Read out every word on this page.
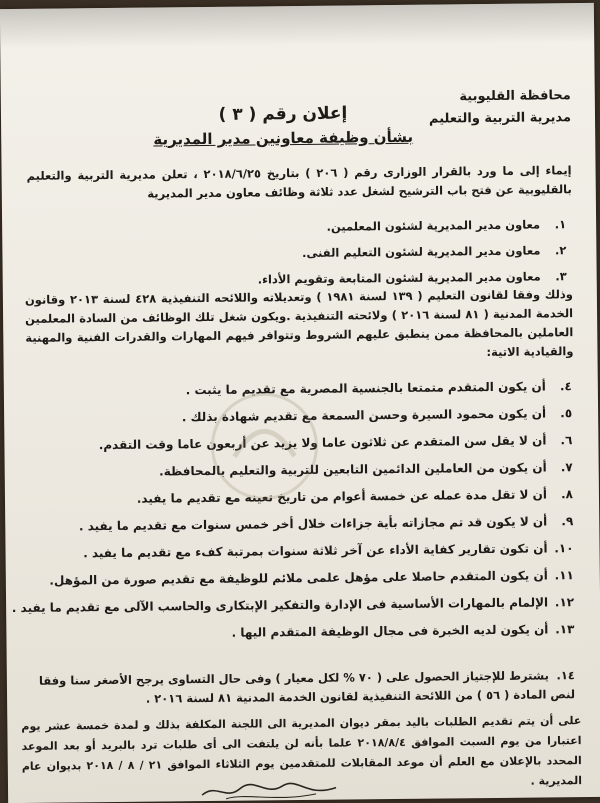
محافظة القليوبية
مديرية التربية والتعليم
إعلان رقم ( ٣ )
بشأن وظيفة معاونين مدير المديرية
إيماء إلى ما ورد بالقرار الوزارى رقم ( ٢٠٦ ) بتاريخ ٢٠١٨/٦/٢٥ ، تعلن مديرية التربية والتعليم بالقليوبية عن فتح باب الترشيح لشغل عدد ثلاثة وظائف معاون مدير المديرية
١. معاون مدير المديرية لشئون المعلمين.
٢. معاون مدير المديرية لشئون التعليم الفنى.
٣. معاون مدير المديرية لشئون المتابعة وتقويم الأداء.
وذلك وفقا لقانون التعليم ( ١٣٩ لسنة ١٩٨١ ) وتعديلاته واللائحه التنفيذية ٤٢٨ لسنة ٢٠١٣ وقانون الخدمة المدنية ( ٨١ لسنة ٢٠١٦ ) ولائحته التنفيذية .ويكون شغل تلك الوظائف من السادة المعلمين العاملين بالمحافظة ممن ينطبق عليهم الشروط وتتوافر فيهم المهارات والقدرات الفنية والمهنية والقيادية الاتية:
٤.أن يكون المتقدم متمتعا بالجنسية المصرية مع تقديم ما يثبت .
٥.أن يكون محمود السيرة وحسن السمعة مع تقديم شهادة بذلك .
٦.أن لا يقل سن المتقدم عن ثلاثون عاما ولا يزيد عن أربعون عاما وقت التقدم.
٧.أن يكون من العاملين الدائمين التابعين للتربية والتعليم بالمحافظة.
٨.أن لا تقل مدة عمله عن خمسة أعوام من تاريخ تعينه مع تقديم ما يفيد.
٩.أن لا يكون قد تم مجازاته بأية جزاءات خلال أخر خمس سنوات مع تقديم ما يفيد .
١٠.أن تكون تقارير كفاية الأداء عن آخر ثلاثة سنوات بمرتبة كفء مع تقديم ما يفيد .
١١.أن يكون المتقدم حاصلا على مؤهل علمى ملائم للوظيفة مع تقديم صورة من المؤهل.
١٢.الإلمام بالمهارات الأساسية فى الإدارة والتفكير الإبتكارى والحاسب الآلى مع تقديم ما يفيد .
١٣.أن يكون لديه الخبرة فى مجال الوظيفة المتقدم اليها .
١٤.يشترط للإجتياز الحصول على ( ٧٠ % لكل معيار ) وفى حال التساوى يرجح الأصغر سنا وفقا لنص المادة ( ٥٦ ) من اللائحة التنفيذية لقانون الخدمة المدنية ٨١ لسنة ٢٠١٦ .
على أن يتم تقديم الطلبات باليد بمقر ديوان المديرية الى اللجنة المكلفة بذلك و لمدة خمسة عشر يوم اعتبارا من يوم السبت الموافق ٢٠١٨/٨/٤ علما بأنه لن يلتفت الى أى طلبات ترد بالبريد أو بعد الموعد المحدد بالإعلان مع العلم أن موعد المقابلات للمتقدمين يوم الثلاثاء الموافق ٢١ / ٨ / ٢٠١٨ بديوان عام المديرية .
